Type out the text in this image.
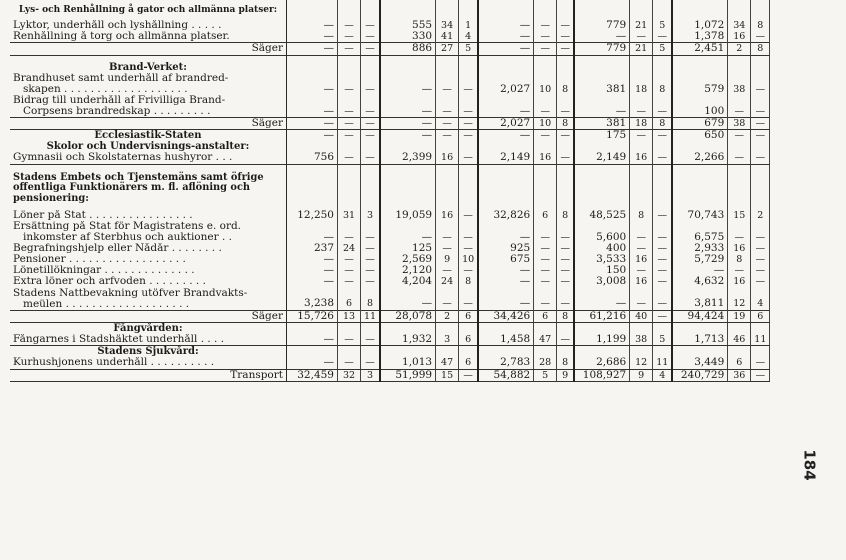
Lys- och Renhållning å gator och allmänna platser:															
Lyktor, underhåll och lyshållning . . . . .	—	—	—	555	34	1	—	—	—	779	21	5	1,072	34	8
Renhållning å torg och allmänna platser.	—	—	—	330	41	4	—	—	—	—	—	—	1,378	16	—
Säger	—	—	—	886	27	5	—	—	—	779	21	5	2,451	2	8
Brand-Verket:															

Brandhuset samt underhåll af brandred-
skapen . . . . . . . . . . . . . . . . . . .	—	—	—	—	—	—	2,027	10	8	381	18	8	579	38	—

Bidrag till underhåll af Frivilliga Brand-
Corpsens brandredskap . . . . . . . . .	—	—	—	—	—	—	—	—	—	—	—	—	100	—	—
Säger	—	—	—	—	—	—	2,027	10	8	381	18	8	679	38	—
Ecclesiastik-Staten	—	—	—	—	—	—	—	—	—	175	—	—	650	—	—
Skolor och Undervisnings-anstalter:															
Gymnasii och Skolstaternas hushyror . . .	756	—	—	2,399	16	—	2,149	16	—	2,149	16	—	2,266	—	—
Stadens Embets och Tjenstemäns samt öfrige offentliga Funktionärers m. fl. aflöning och pensionering:															
Löner på Stat . . . . . . . . . . . . . . . .	12,250	31	3	19,059	16	—	32,826	6	8	48,525	8	—	70,743	15	2

Ersättning på Stat för Magistratens e. ord.
inkomster af Sterbhus och auktioner . .	—	—	—	—	—	—	—	—	—	5,600	—	—	6,575	—	—
Begrafningshjelp eller Nådår . . . . . . . .	237	24	—	125	—	—	925	—	—	400	—	—	2,933	16	—
Pensioner . . . . . . . . . . . . . . . . . .	—	—	—	2,569	9	10	675	—	—	3,533	16	—	5,729	8	—
Lönetillökningar . . . . . . . . . . . . . .	—	—	—	2,120	—	—	—	—	—	150	—	—	—	—	—
Extra löner och arfvoden . . . . . . . . .	—	—	—	4,204	24	8	—	—	—	3,008	16	—	4,632	16	—

Stadens Nattbevakning utöfver Brandvakts-
meülen . . . . . . . . . . . . . . . . . . .	3,238	6	8	—	—	—	—	—	—	—	—	—	3,811	12	4
Säger	15,726	13	11	28,078	2	6	34,426	6	8	61,216	40	—	94,424	19	6
Fångvården:															
Fångarnes i Stadshäktet underhåll . . . .	—	—	—	1,932	3	6	1,458	47	—	1,199	38	5	1,713	46	11
Stadens Sjukvård:															
Kurhushjonens underhåll . . . . . . . . . .	—	—	—	1,013	47	6	2,783	28	8	2,686	12	11	3,449	6	—
Transport	32,459	32	3	51,999	15	—	54,882	5	9	108,927	9	4	240,729	36	—
184
